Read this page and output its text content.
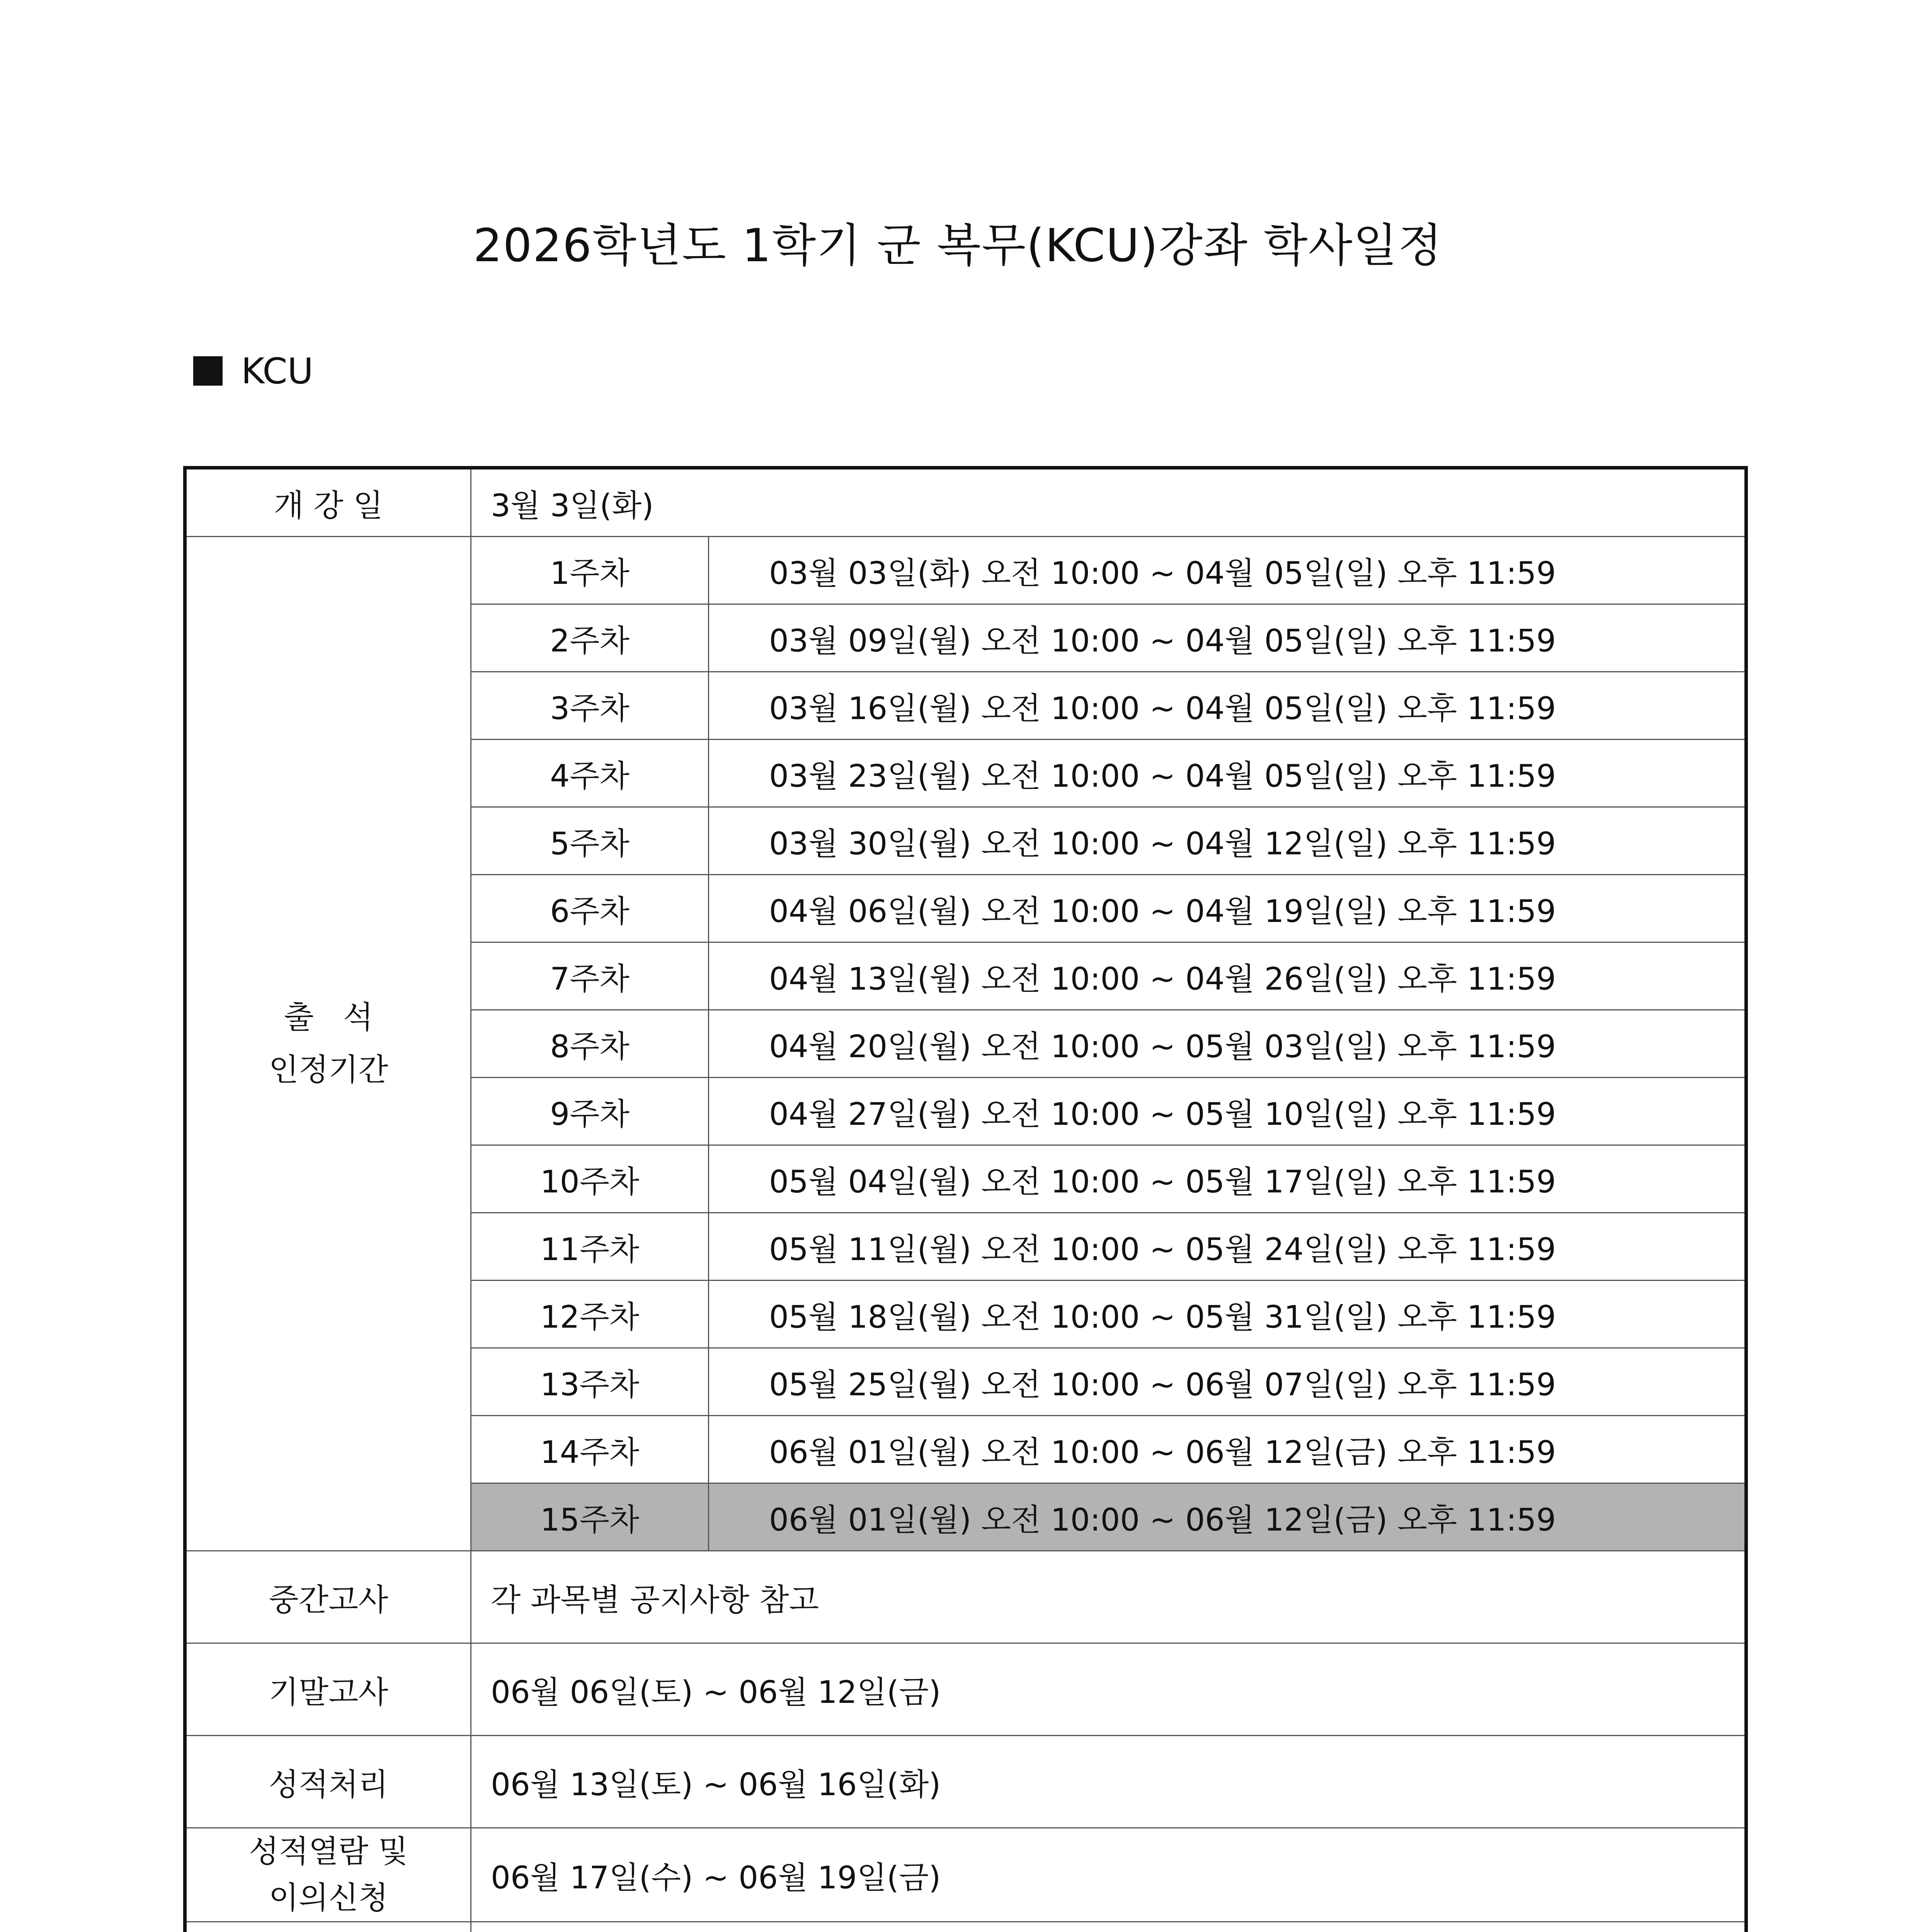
2026학년도 1학기 군 복무(KCU)강좌 학사일정
KCU
개 강 일	3월 3일(화)	

출   석
인정기간	1주차	03월 03일(화) 오전 10:00 ~ 04월 05일(일) 오후 11:59
	2주차	03월 09일(월) 오전 10:00 ~ 04월 05일(일) 오후 11:59
	3주차	03월 16일(월) 오전 10:00 ~ 04월 05일(일) 오후 11:59
	4주차	03월 23일(월) 오전 10:00 ~ 04월 05일(일) 오후 11:59
	5주차	03월 30일(월) 오전 10:00 ~ 04월 12일(일) 오후 11:59
	6주차	04월 06일(월) 오전 10:00 ~ 04월 19일(일) 오후 11:59
	7주차	04월 13일(월) 오전 10:00 ~ 04월 26일(일) 오후 11:59
	8주차	04월 20일(월) 오전 10:00 ~ 05월 03일(일) 오후 11:59
	9주차	04월 27일(월) 오전 10:00 ~ 05월 10일(일) 오후 11:59
	10주차	05월 04일(월) 오전 10:00 ~ 05월 17일(일) 오후 11:59
	11주차	05월 11일(월) 오전 10:00 ~ 05월 24일(일) 오후 11:59
	12주차	05월 18일(월) 오전 10:00 ~ 05월 31일(일) 오후 11:59
	13주차	05월 25일(월) 오전 10:00 ~ 06월 07일(일) 오후 11:59
	14주차	06월 01일(월) 오전 10:00 ~ 06월 12일(금) 오후 11:59
	15주차	06월 01일(월) 오전 10:00 ~ 06월 12일(금) 오후 11:59
중간고사	각 과목별 공지사항 참고	
기말고사	06월 06일(토) ~ 06월 12일(금)	
성적처리	06월 13일(토) ~ 06월 16일(화)	

성적열람 및
이의신청	06월 17일(수) ~ 06월 19일(금)	
